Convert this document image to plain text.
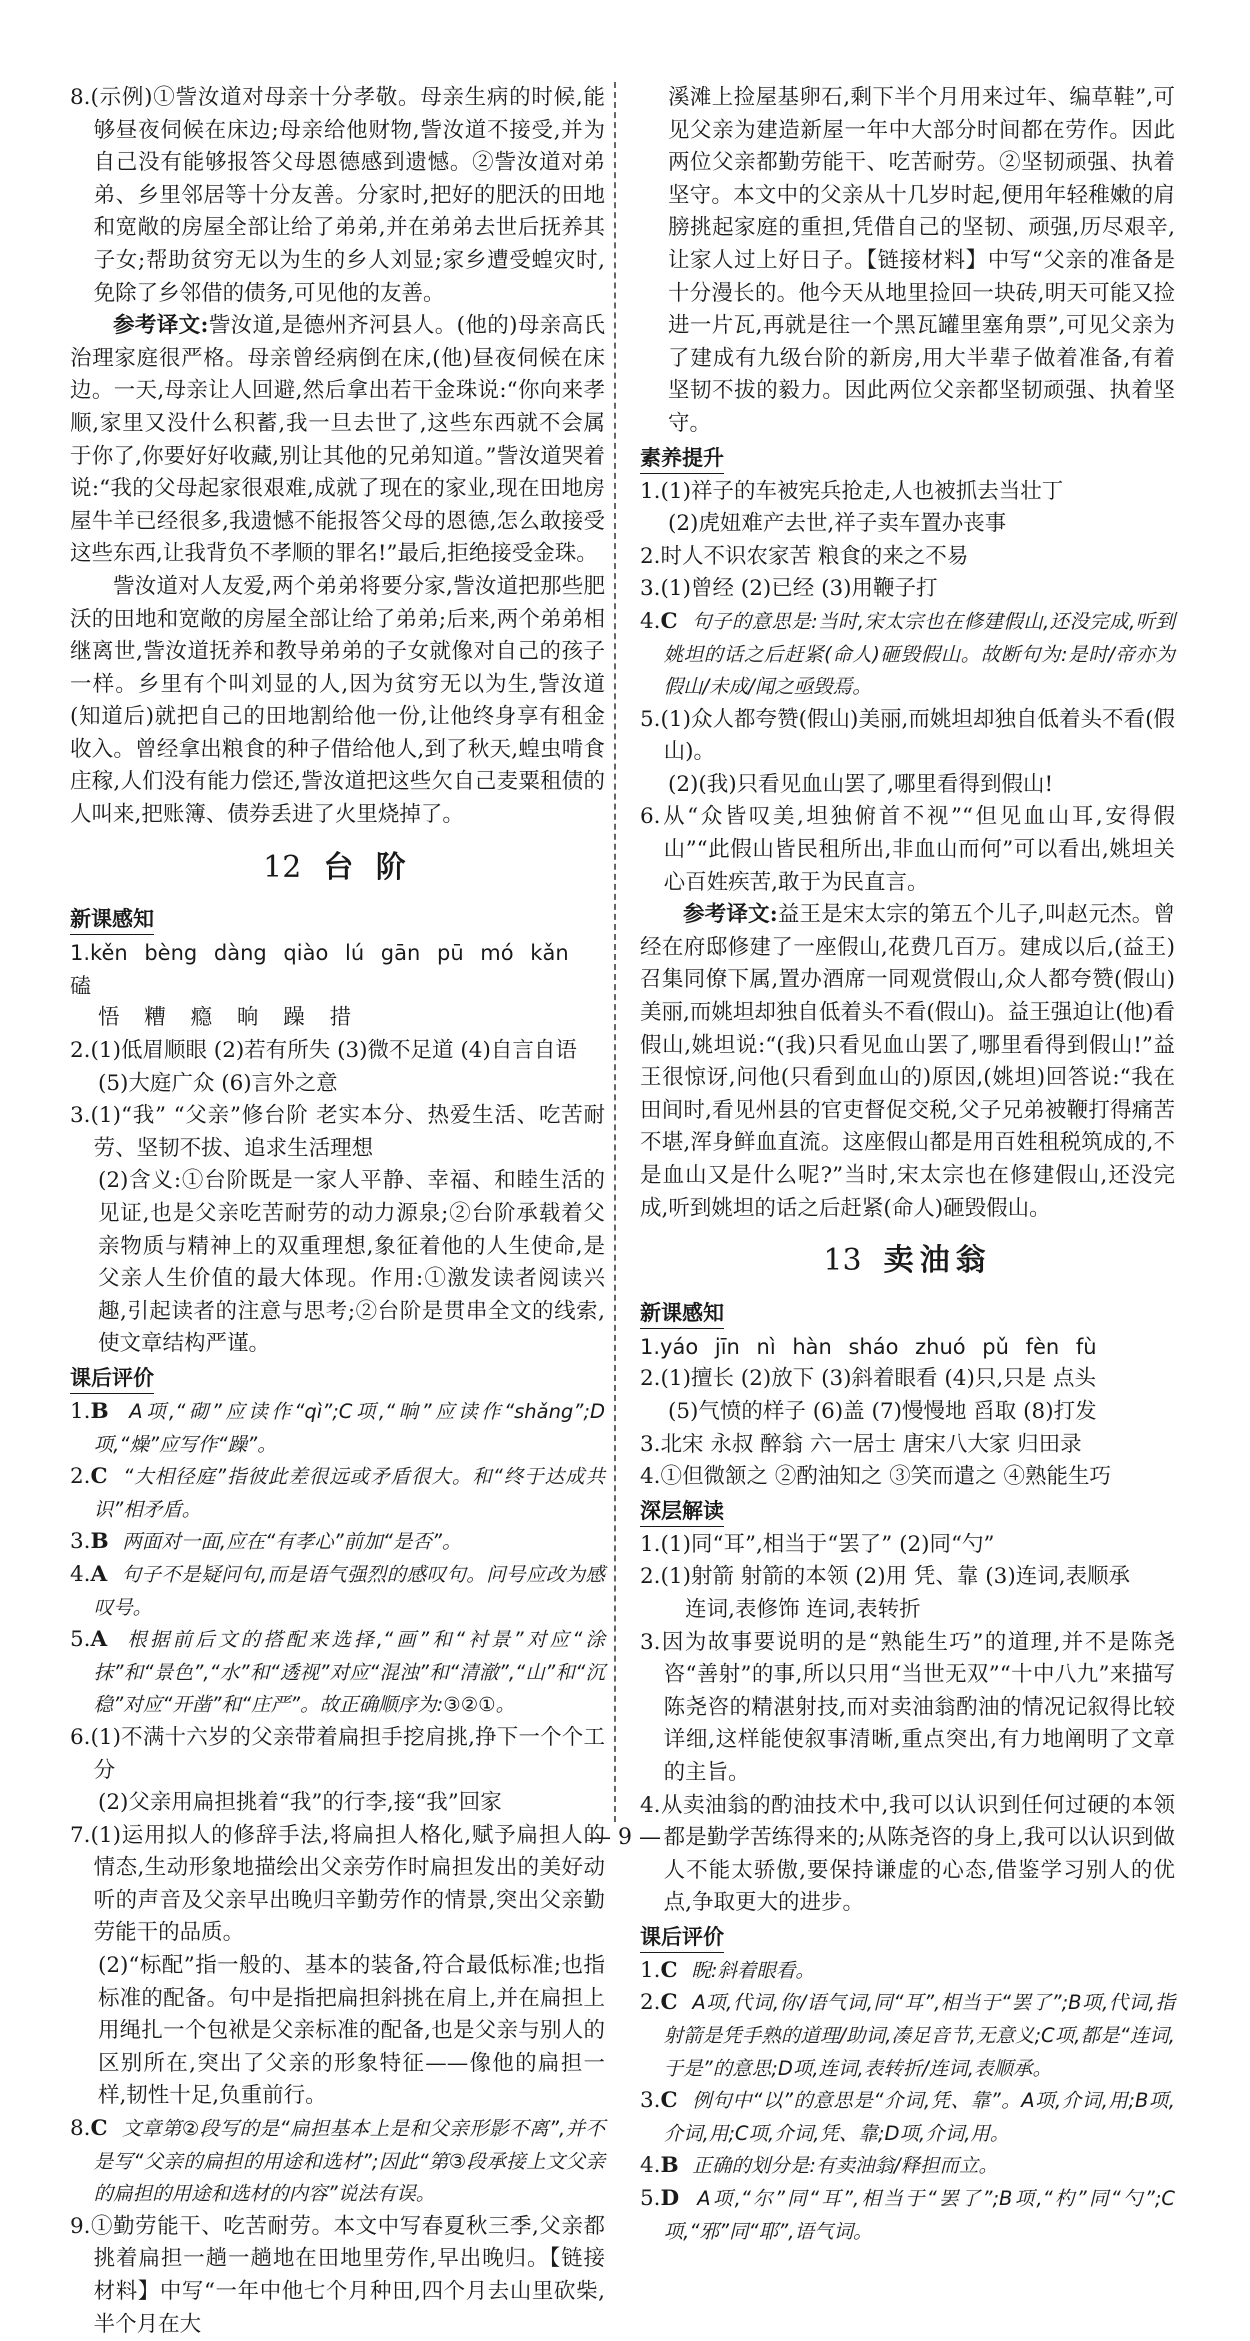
8.(示例)①訾汝道对母亲十分孝敬。母亲生病的时候,能够昼夜伺候在床边;母亲给他财物,訾汝道不接受,并为自己没有能够报答父母恩德感到遗憾。②訾汝道对弟弟、乡里邻居等十分友善。分家时,把好的肥沃的田地和宽敞的房屋全部让给了弟弟,并在弟弟去世后抚养其子女;帮助贫穷无以为生的乡人刘显;家乡遭受蝗灾时,免除了乡邻借的债务,可见他的友善。
参考译文:訾汝道,是德州齐河县人。(他的)母亲高氏治理家庭很严格。母亲曾经病倒在床,(他)昼夜伺候在床边。一天,母亲让人回避,然后拿出若干金珠说:“你向来孝顺,家里又没什么积蓄,我一旦去世了,这些东西就不会属于你了,你要好好收藏,别让其他的兄弟知道。”訾汝道哭着说:“我的父母起家很艰难,成就了现在的家业,现在田地房屋牛羊已经很多,我遗憾不能报答父母的恩德,怎么敢接受这些东西,让我背负不孝顺的罪名!”最后,拒绝接受金珠。
訾汝道对人友爱,两个弟弟将要分家,訾汝道把那些肥沃的田地和宽敞的房屋全部让给了弟弟;后来,两个弟弟相继离世,訾汝道抚养和教导弟弟的子女就像对自己的孩子一样。乡里有个叫刘显的人,因为贫穷无以为生,訾汝道(知道后)就把自己的田地割给他一份,让他终身享有租金收入。曾经拿出粮食的种子借给他人,到了秋天,蝗虫啃食庄稼,人们没有能力偿还,訾汝道把这些欠自己麦粟租债的人叫来,把账簿、债券丢进了火里烧掉了。
12 台 阶
新课感知
1.kěn bèng dàng qiào lú gān pū mó kǎn 磕
悟 糟 瘾 晌 躁 措
2.(1)低眉顺眼 (2)若有所失 (3)微不足道 (4)自言自语
(5)大庭广众 (6)言外之意
3.(1)“我” “父亲”修台阶 老实本分、热爱生活、吃苦耐劳、坚韧不拔、追求生活理想
(2)含义:①台阶既是一家人平静、幸福、和睦生活的见证,也是父亲吃苦耐劳的动力源泉;②台阶承载着父亲物质与精神上的双重理想,象征着他的人生使命,是父亲人生价值的最大体现。作用:①激发读者阅读兴趣,引起读者的注意与思考;②台阶是贯串全文的线索,使文章结构严谨。
课后评价
1.B A项,“砌”应读作“qì”;C项,“晌”应读作“shǎng”;D项,“燥”应写作“躁”。
2.C “大相径庭”指彼此差很远或矛盾很大。和“终于达成共识”相矛盾。
3.B 两面对一面,应在“有孝心”前加“是否”。
4.A 句子不是疑问句,而是语气强烈的感叹句。问号应改为感叹号。
5.A 根据前后文的搭配来选择,“画”和“衬景”对应“涂抹”和“景色”,“水”和“透视”对应“混浊”和“清澈”,“山”和“沉稳”对应“开凿”和“庄严”。故正确顺序为:③②①。
6.(1)不满十六岁的父亲带着扁担手挖肩挑,挣下一个个工分
(2)父亲用扁担挑着“我”的行李,接“我”回家
7.(1)运用拟人的修辞手法,将扁担人格化,赋予扁担人的情态,生动形象地描绘出父亲劳作时扁担发出的美好动听的声音及父亲早出晚归辛勤劳作的情景,突出父亲勤劳能干的品质。
(2)“标配”指一般的、基本的装备,符合最低标准;也指标准的配备。句中是指把扁担斜挑在肩上,并在扁担上用绳扎一个包袱是父亲标准的配备,也是父亲与别人的区别所在,突出了父亲的形象特征——像他的扁担一样,韧性十足,负重前行。
8.C 文章第②段写的是“扁担基本上是和父亲形影不离”,并不是写“父亲的扁担的用途和选材”;因此“第③段承接上文父亲的扁担的用途和选材的内容”说法有误。
9.①勤劳能干、吃苦耐劳。本文中写春夏秋三季,父亲都挑着扁担一趟一趟地在田地里劳作,早出晚归。【链接材料】中写“一年中他七个月种田,四个月去山里砍柴,半个月在大
溪滩上捡屋基卵石,剩下半个月用来过年、编草鞋”,可见父亲为建造新屋一年中大部分时间都在劳作。因此两位父亲都勤劳能干、吃苦耐劳。②坚韧顽强、执着坚守。本文中的父亲从十几岁时起,便用年轻稚嫩的肩膀挑起家庭的重担,凭借自己的坚韧、顽强,历尽艰辛,让家人过上好日子。【链接材料】中写“父亲的准备是十分漫长的。他今天从地里捡回一块砖,明天可能又捡进一片瓦,再就是往一个黑瓦罐里塞角票”,可见父亲为了建成有九级台阶的新房,用大半辈子做着准备,有着坚韧不拔的毅力。因此两位父亲都坚韧顽强、执着坚守。
素养提升
1.(1)祥子的车被宪兵抢走,人也被抓去当壮丁
(2)虎妞难产去世,祥子卖车置办丧事
2.时人不识农家苦 粮食的来之不易
3.(1)曾经 (2)已经 (3)用鞭子打
4.C 句子的意思是:当时,宋太宗也在修建假山,还没完成,听到姚坦的话之后赶紧(命人)砸毁假山。故断句为:是时/帝亦为假山/未成/闻之亟毁焉。
5.(1)众人都夸赞(假山)美丽,而姚坦却独自低着头不看(假山)。
(2)(我)只看见血山罢了,哪里看得到假山!
6.从“众皆叹美,坦独俯首不视”“但见血山耳,安得假山”“此假山皆民租所出,非血山而何”可以看出,姚坦关心百姓疾苦,敢于为民直言。
参考译文:益王是宋太宗的第五个儿子,叫赵元杰。曾经在府邸修建了一座假山,花费几百万。建成以后,(益王)召集同僚下属,置办酒席一同观赏假山,众人都夸赞(假山)美丽,而姚坦却独自低着头不看(假山)。益王强迫让(他)看假山,姚坦说:“(我)只看见血山罢了,哪里看得到假山!”益王很惊讶,问他(只看到血山的)原因,(姚坦)回答说:“我在田间时,看见州县的官吏督促交税,父子兄弟被鞭打得痛苦不堪,浑身鲜血直流。这座假山都是用百姓租税筑成的,不是血山又是什么呢?”当时,宋太宗也在修建假山,还没完成,听到姚坦的话之后赶紧(命人)砸毁假山。
13 卖油翁
新课感知
1.yáo jīn nì hàn sháo zhuó pǔ fèn fù
2.(1)擅长 (2)放下 (3)斜着眼看 (4)只,只是 点头
(5)气愤的样子 (6)盖 (7)慢慢地 舀取 (8)打发
3.北宋 永叔 醉翁 六一居士 唐宋八大家 归田录
4.①但微颔之 ②酌油知之 ③笑而遣之 ④熟能生巧
深层解读
1.(1)同“耳”,相当于“罢了” (2)同“勺”
2.(1)射箭 射箭的本领 (2)用 凭、靠 (3)连词,表顺承
连词,表修饰 连词,表转折
3.因为故事要说明的是“熟能生巧”的道理,并不是陈尧咨“善射”的事,所以只用“当世无双”“十中八九”来描写陈尧咨的精湛射技,而对卖油翁酌油的情况记叙得比较详细,这样能使叙事清晰,重点突出,有力地阐明了文章的主旨。
4.从卖油翁的酌油技术中,我可以认识到任何过硬的本领都是勤学苦练得来的;从陈尧咨的身上,我可以认识到做人不能太骄傲,要保持谦虚的心态,借鉴学习别人的优点,争取更大的进步。
课后评价
1.C 睨:斜着眼看。
2.C A项,代词,你/语气词,同“耳”,相当于“罢了”;B项,代词,指射箭是凭手熟的道理/助词,凑足音节,无意义;C项,都是“连词,于是”的意思;D项,连词,表转折/连词,表顺承。
3.C 例句中“以”的意思是“介词,凭、靠”。A项,介词,用;B项,介词,用;C项,介词,凭、靠;D项,介词,用。
4.B 正确的划分是:有卖油翁/释担而立。
5.D A项,“尔”同“耳”,相当于“罢了”;B项,“杓”同“勺”;C项,“邪”同“耶”,语气词。
— 9 —
